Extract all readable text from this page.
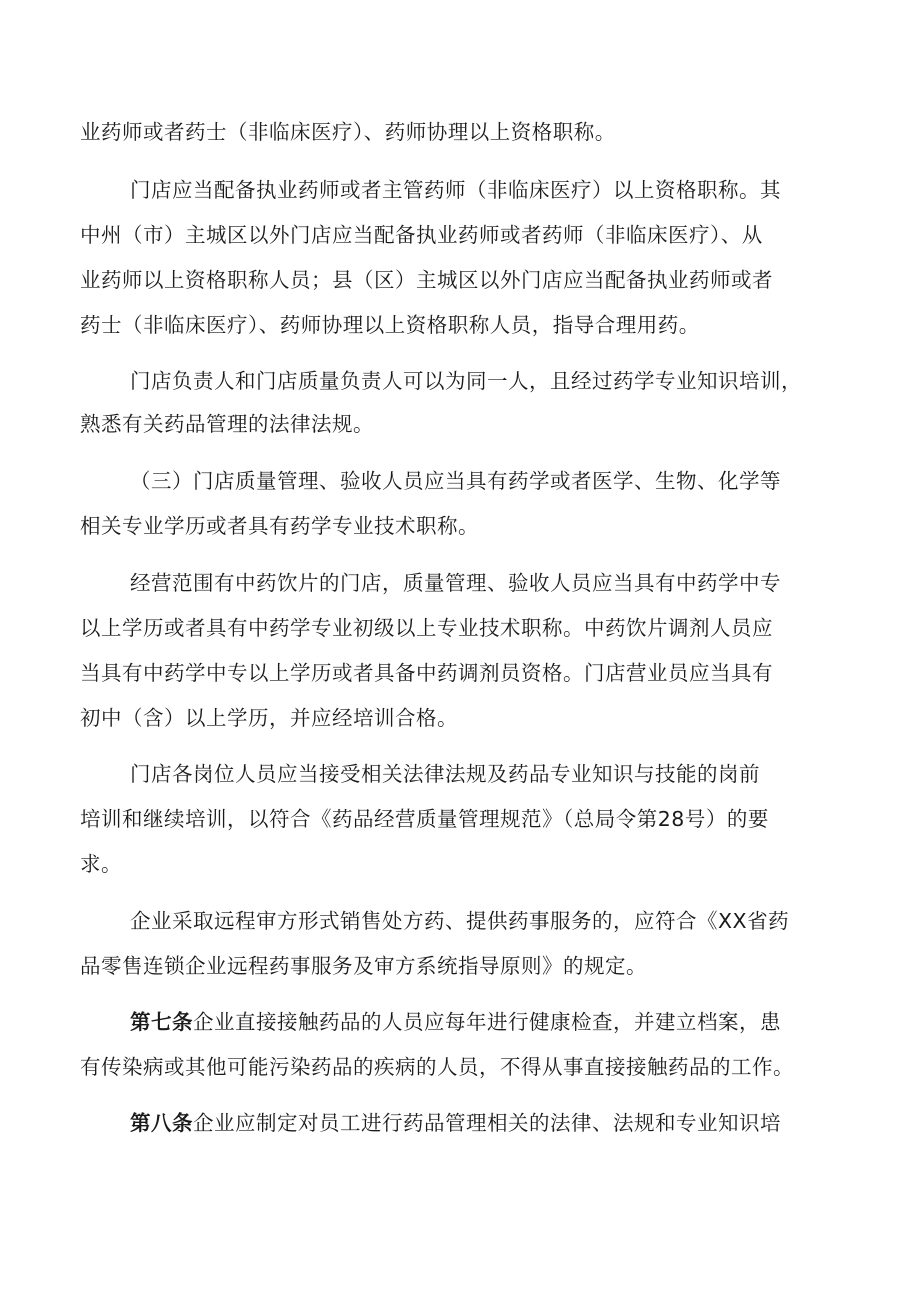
业药师或者药士（非临床医疗）、药师协理以上资格职称。
门店应当配备执业药师或者主管药师（非临床医疗）以上资格职称。其
中州（市）主城区以外门店应当配备执业药师或者药师（非临床医疗）、从
业药师以上资格职称人员；县（区）主城区以外门店应当配备执业药师或者
药士（非临床医疗）、药师协理以上资格职称人员，指导合理用药。
门店负责人和门店质量负责人可以为同一人，且经过药学专业知识培训，
熟悉有关药品管理的法律法规。
（三）门店质量管理、验收人员应当具有药学或者医学、生物、化学等
相关专业学历或者具有药学专业技术职称。
经营范围有中药饮片的门店，质量管理、验收人员应当具有中药学中专
以上学历或者具有中药学专业初级以上专业技术职称。中药饮片调剂人员应
当具有中药学中专以上学历或者具备中药调剂员资格。门店营业员应当具有
初中（含）以上学历，并应经培训合格。
门店各岗位人员应当接受相关法律法规及药品专业知识与技能的岗前
培训和继续培训，以符合《药品经营质量管理规范》（总局令第28号）的要
求。
企业采取远程审方形式销售处方药、提供药事服务的，应符合《XX省药
品零售连锁企业远程药事服务及审方系统指导原则》的规定。
第七条企业直接接触药品的人员应每年进行健康检查，并建立档案，患
有传染病或其他可能污染药品的疾病的人员，不得从事直接接触药品的工作。
第八条企业应制定对员工进行药品管理相关的法律、法规和专业知识培
